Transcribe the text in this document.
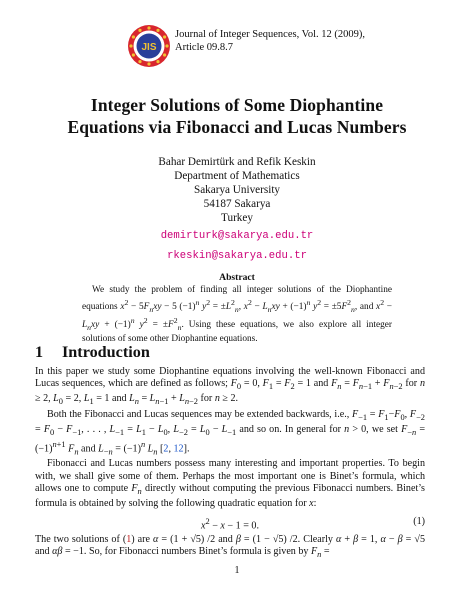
JIS
Journal of Integer Sequences, Vol. 12 (2009),
Article 09.8.7
Integer Solutions of Some Diophantine
Equations via Fibonacci and Lucas Numbers
Bahar Demirtürk and Refik Keskin
Department of Mathematics
Sakarya University
54187 Sakarya
Turkey
demirturk@sakarya.edu.tr
rkeskin@sakarya.edu.tr
Abstract
We study the problem of finding all integer solutions of the Diophantine equations $x^2 - 5F_nxy - 5$ $(-1)^n$ $y^2 = \pm L^2_n$, $x^2 - L_nxy + (-1)^n$ $y^2 = \pm 5F^2_n$, and $x^2 - L_nxy + (-1)^n$ $y^2 = \pm F^2_n$. Using these equations, we also explore all integer solutions of some other Diophantine equations.
1 Introduction

In this paper we study some Diophantine equations involving the well-known Fibonacci and Lucas sequences, which are defined as follows; $F_0 = 0$, $F_1 = F_2 = 1$ and $F_n = F_{n-1} + F_{n-2}$ for n ≥ 2, $L_0 = 2$, $L_1 = 1$ and $L_n = L_{n-1} + L_{n-2}$ for n ≥ 2.

Both the Fibonacci and Lucas sequences may be extended backwards, i.e., $F_{-1} = F_1-F_0$, $F_{-2} = F_0 - F_{-1}$, . . . , $L_{-1} = L_1 - L_0$, $L_{-2} = L_0 - L_{-1}$ and so on. In general for n > 0, we set $F_{-n} = (-1)^{n+1}$ $F_n$ and $L_{-n} = (-1)^n$ $L_n$ [2, 12].

Fibonacci and Lucas numbers possess many interesting and important properties. To begin with, we shall give some of them. Perhaps the most important one is Binet’s formula, which allows one to compute $F_n$ directly without computing the previous Fibonacci numbers. Binet’s formula is obtained by solving the following quadratic equation for x:

$x^2 - x - 1 = 0$.	(1)

The two solutions of (1) are α = (1 + √5) /2 and β = (1 − √5) /2. Clearly α + β = 1, α − β = √5 and αβ = −1. So, for Fibonacci numbers Binet’s formula is given by $F_n$ =

1
